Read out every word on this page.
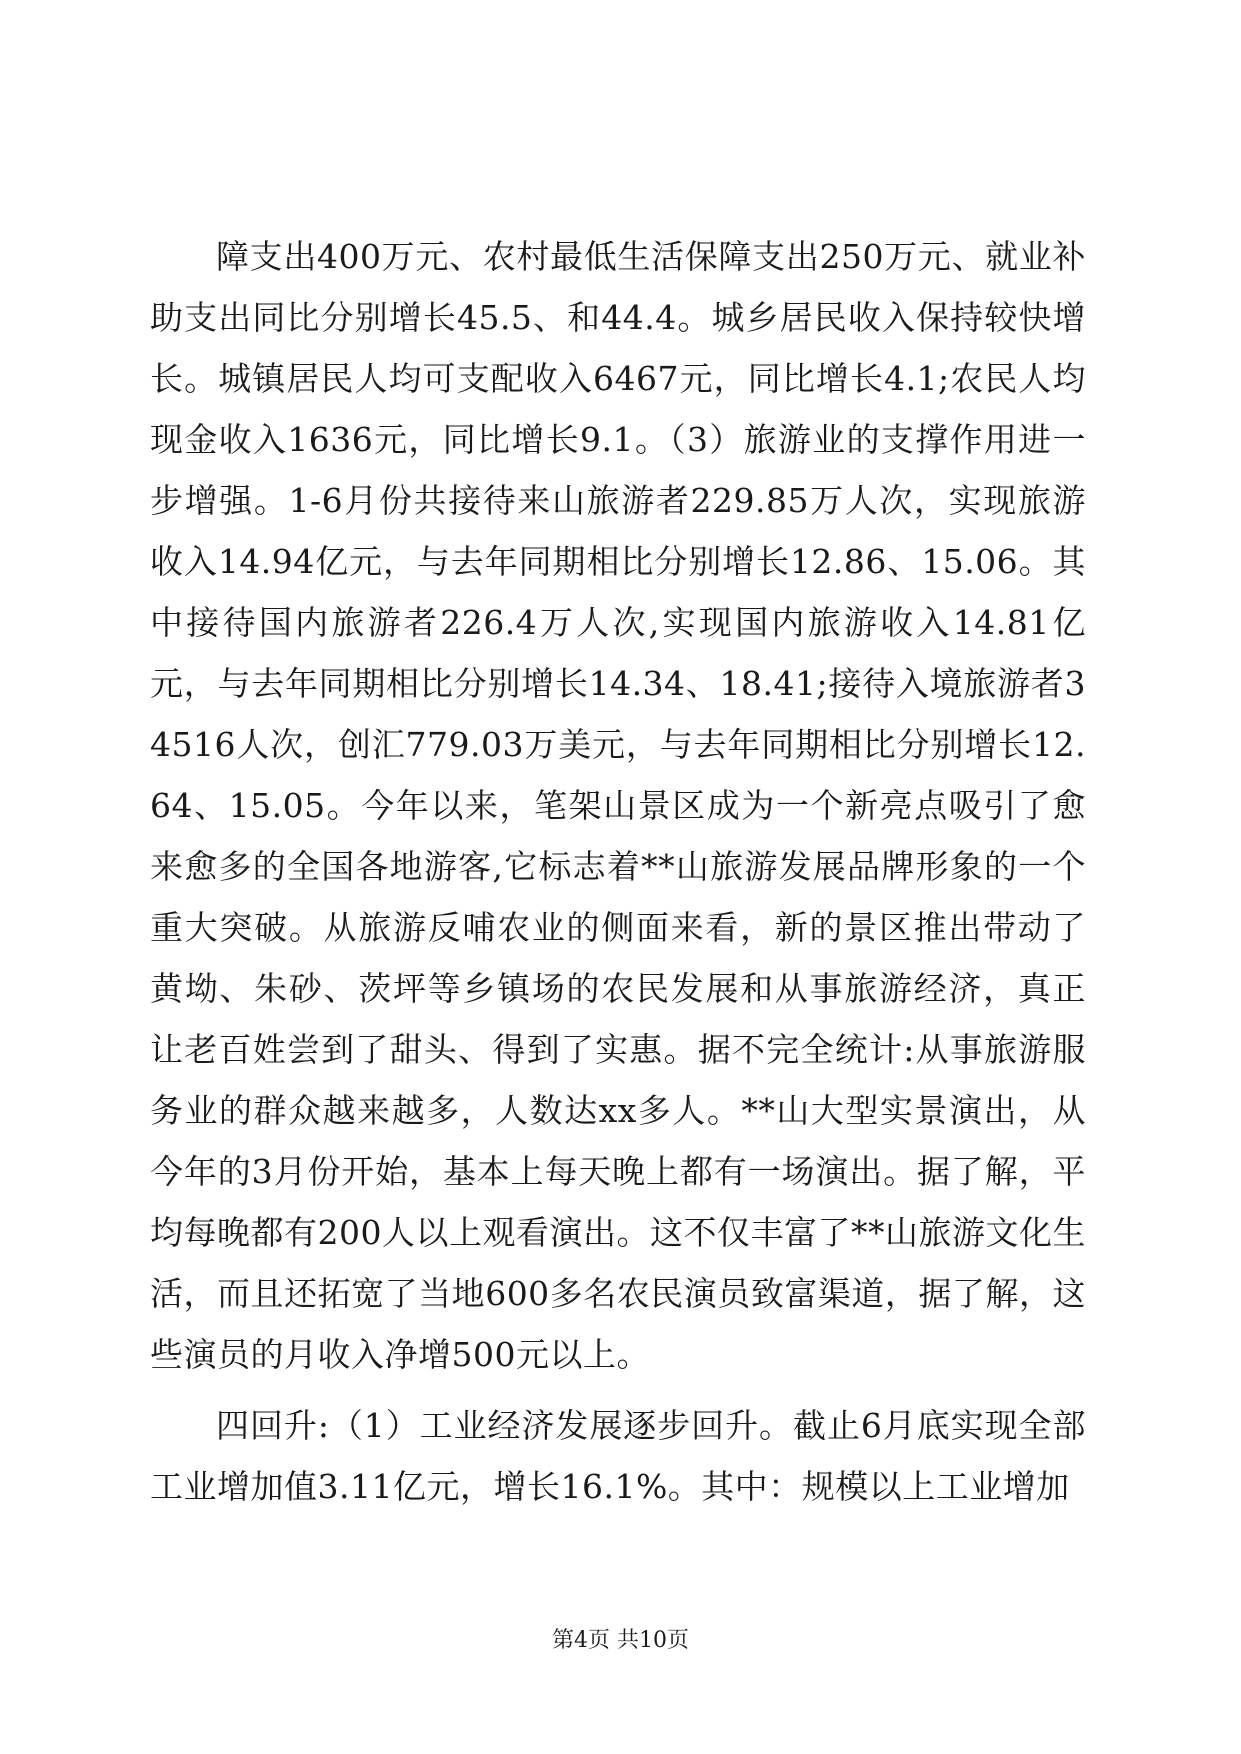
障支出400万元、农村最低生活保障支出250万元、就业补助支出同比分别增长45.5、和44.4。城乡居民收入保持较快增长。城镇居民人均可支配收入6467元，同比增长4.1;农民人均现金收入1636元，同比增长9.1。（3）旅游业的支撑作用进一步增强。1-6月份共接待来山旅游者229.85万人次，实现旅游收入14.94亿元，与去年同期相比分别增长12.86、15.06。其中接待国内旅游者226.4万人次,实现国内旅游收入14.81亿元，与去年同期相比分别增长14.34、18.41;接待入境旅游者34516人次，创汇779.03万美元，与去年同期相比分别增长12.64、15.05。今年以来，笔架山景区成为一个新亮点吸引了愈来愈多的全国各地游客,它标志着**山旅游发展品牌形象的一个重大突破。从旅游反哺农业的侧面来看，新的景区推出带动了黄坳、朱砂、茨坪等乡镇场的农民发展和从事旅游经济，真正让老百姓尝到了甜头、得到了实惠。据不完全统计:从事旅游服务业的群众越来越多，人数达xx多人。**山大型实景演出，从今年的3月份开始，基本上每天晚上都有一场演出。据了解，平均每晚都有200人以上观看演出。这不仅丰富了**山旅游文化生活，而且还拓宽了当地600多名农民演员致富渠道，据了解，这些演员的月收入净增500元以上。

四回升:（1）工业经济发展逐步回升。截止6月底实现全部工业增加值3.11亿元，增长16.1%。其中：规模以上工业增加

第4页 共10页
